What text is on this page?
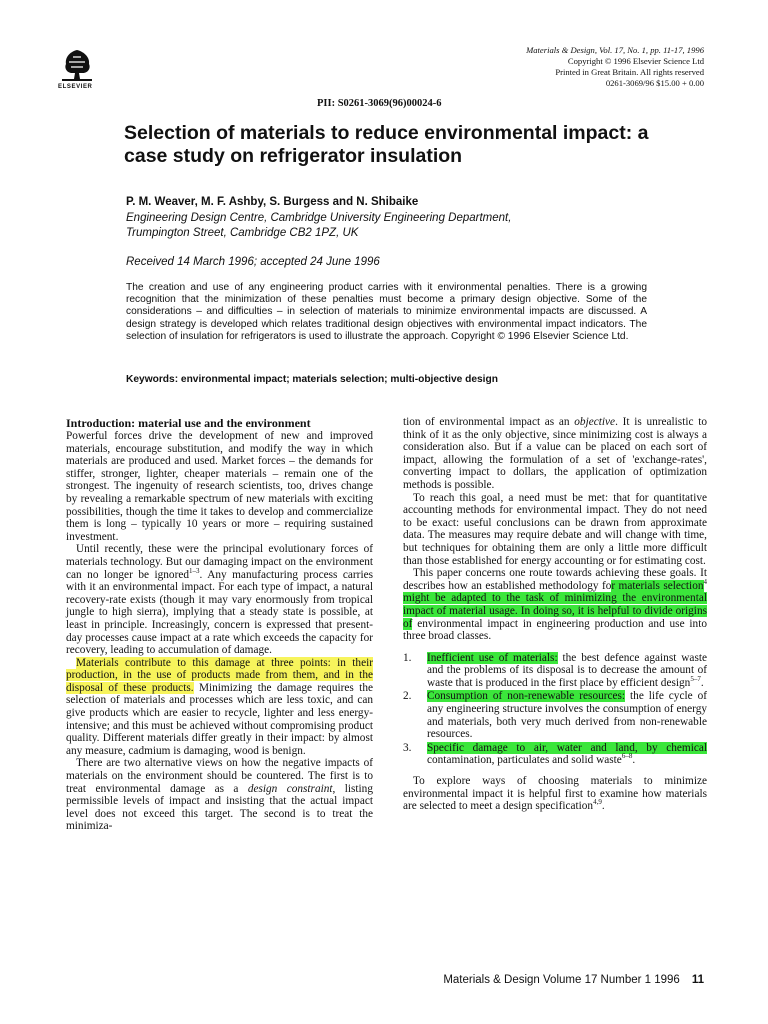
ELSEVIER
Materials & Design, Vol. 17, No. 1, pp. 11-17, 1996
Copyright © 1996 Elsevier Science Ltd
Printed in Great Britain. All rights reserved
0261-3069/96 $15.00 + 0.00
PII: S0261-3069(96)00024-6
Selection of materials to reduce environmental impact: a case study on refrigerator insulation
P. M. Weaver, M. F. Ashby, S. Burgess and N. Shibaike
Engineering Design Centre, Cambridge University Engineering Department,
Trumpington Street, Cambridge CB2 1PZ, UK
Received 14 March 1996; accepted 24 June 1996

The creation and use of any engineering product carries with it environmental penalties. There is a growing recognition that the minimization of these penalties must become a primary design objective. Some of the considerations – and difficulties – in selection of materials to minimize environmental impacts are discussed. A design strategy is developed which relates traditional design objectives with environmental impact indicators. The selection of insulation for refrigerators is used to illustrate the approach. Copyright © 1996 Elsevier Science Ltd.

Keywords: environmental impact; materials selection; multi-objective design
Introduction: material use and the environment

Powerful forces drive the development of new and improved materials, encourage substitution, and modify the way in which materials are produced and used. Market forces – the demands for stiffer, stronger, lighter, cheaper materials – remain one of the strongest. The ingenuity of research scientists, too, drives change by revealing a remarkable spectrum of new materials with exciting possibilities, though the time it takes to develop and commercialize them is long – typically 10 years or more – requiring sustained investment.

Until recently, these were the principal evolutionary forces of materials technology. But our damaging impact on the environment can no longer be ignored$^{1-3}$. Any manufacturing process carries with it an environmental impact. For each type of impact, a natural recovery-rate exists (though it may vary enormously from tropical jungle to high sierra), implying that a steady state is possible, at least in principle. Increasingly, concern is expressed that present-day processes cause impact at a rate which exceeds the capacity for recovery, leading to accumulation of damage.

Materials contribute to this damage at three points: in their production, in the use of products made from them, and in the disposal of these products. Minimizing the damage requires the selection of materials and processes which are less toxic, and can give products which are easier to recycle, lighter and less energy-intensive; and this must be achieved without compromising product quality. Different materials differ greatly in their impact: by almost any measure, cadmium is damaging, wood is benign.

There are two alternative views on how the negative impacts of materials on the environment should be countered. The first is to treat environmental damage as a design constraint, listing permissible levels of impact and insisting that the actual impact level does not exceed this target. The second is to treat the minimiza-

tion of environmental impact as an objective. It is unrealistic to think of it as the only objective, since minimizing cost is always a consideration also. But if a value can be placed on each sort of impact, allowing the formulation of a set of 'exchange-rates', converting impact to dollars, the application of optimization methods is possible.

To reach this goal, a need must be met: that for quantitative accounting methods for environmental impact. They do not need to be exact: useful conclusions can be drawn from approximate data. The measures may require debate and will change with time, but techniques for obtaining them are only a little more difficult than those established for energy accounting or for estimating cost.

This paper concerns one route towards achieving these goals. It describes how an established methodology for materials selection$^4$ might be adapted to the task of minimizing the environmental impact of material usage. In doing so, it is helpful to divide origins of environmental impact in engineering production and use into three broad classes.

1. Inefficient use of materials: the best defence against waste and the problems of its disposal is to decrease the amount of waste that is produced in the first place by efficient design$^{5-7}$.
2. Consumption of non-renewable resources: the life cycle of any engineering structure involves the consumption of energy and materials, both very much derived from non-renewable resources.
3. Specific damage to air, water and land, by chemical contamination, particulates and solid waste$^{6-8}$.

To explore ways of choosing materials to minimize environmental impact it is helpful first to examine how materials are selected to meet a design specification$^{4,9}$.

Materials & Design Volume 17 Number 1 1996 11
